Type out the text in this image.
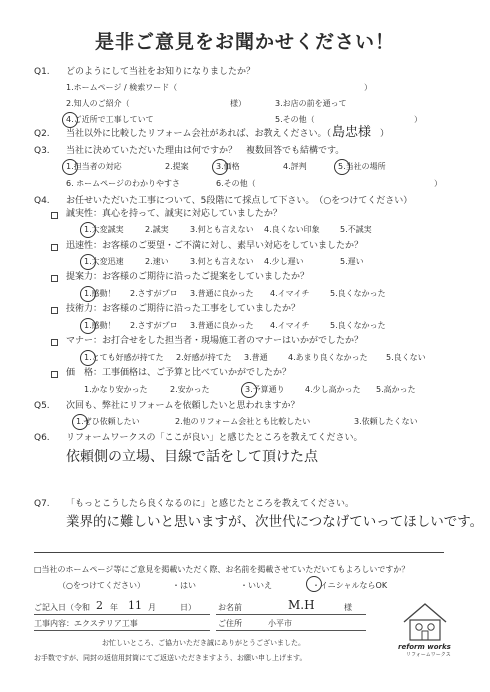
是非ご意見をお聞かせください！
Q1. どのようにして当社をお知りになりましたか？
1.ホームページ / 検索ワード（	）
2.知人のご紹介（	様）	3.お店の前を通って
4.ご近所で工事していて	5.その他（	）
Q2. 当社以外に比較したリフォーム会社があれば、お教えください。（ 島忠様 ）
Q3. 当社に決めていただいた理由は何ですか？　複数回答でも結構です。
1.担当者の対応	2.提案	3.価格	4.評判	5.当社の場所
6. ホームページのわかりやすさ	6.その他（	）
Q4. お任せいただいた工事について、5段階にて採点して下さい。　（○をつけてください）
誠実性：真心を持って、誠実に対応していましたか？
1.大変誠実	2.誠実	3.何とも言えない 4.良くない印象	5.不誠実
迅速性：お客様のご要望・ご不満に対し、素早い対応をしていましたか？
1.大変迅速	2.速い	3.何とも言えない 4.少し遅い	5.遅い
提案力：お客様のご期待に沿ったご提案をしていましたか？
1.感動！ 2.さすがプロ 3.普通に良かった 4.イマイチ	5.良くなかった
技術力：お客様のご期待に沿った工事をしていましたか？
1.感動！ 2.さすがプロ 3.普通に良かった 4.イマイチ	5.良くなかった
マナー：お打合せをした担当者・現場施工者のマナーはいかがでしたか？
1.とても好感が持てた 2.好感が持てた 3.普通	4.あまり良くなかった 5.良くない
価　格：工事価格は、ご予算と比べていかがでしたか？
1.かなり安かった	2.安かった	3.予算通り	4.少し高かった 5.高かった
Q5. 次回も、弊社にリフォームを依頼したいと思われますか？
1.ぜひ依頼したい	2.他のリフォーム会社とも比較したい	3.依頼したくない
Q6. リフォームワークスの「ここが良い」と感じたところを教えてください。
依頼側の立場、目線で話をして頂けた点
Q7. 「もっとこうしたら良くなるのに」と感じたところを教えてください。
業界的に難しいと思いますが、次世代につなげていってほしいです。
□当社のホームページ等にご意見を掲載いただく際、お名前を掲載させていただいてもよろしいですか？
（○をつけてください）	・はい	・いいえ	・イニシャルならOK
ご記入日（令和 2 年 11 月	日）	お名前	M.H	様
工事内容：エクステリア工事	ご住所	小平市
お忙しいところ、ご協力いただき誠にありがとうございました。
お手数ですが、同封の返信用封筒にてご返送いただきますよう、お願い申し上げます。
reform works
リフォームワークス
